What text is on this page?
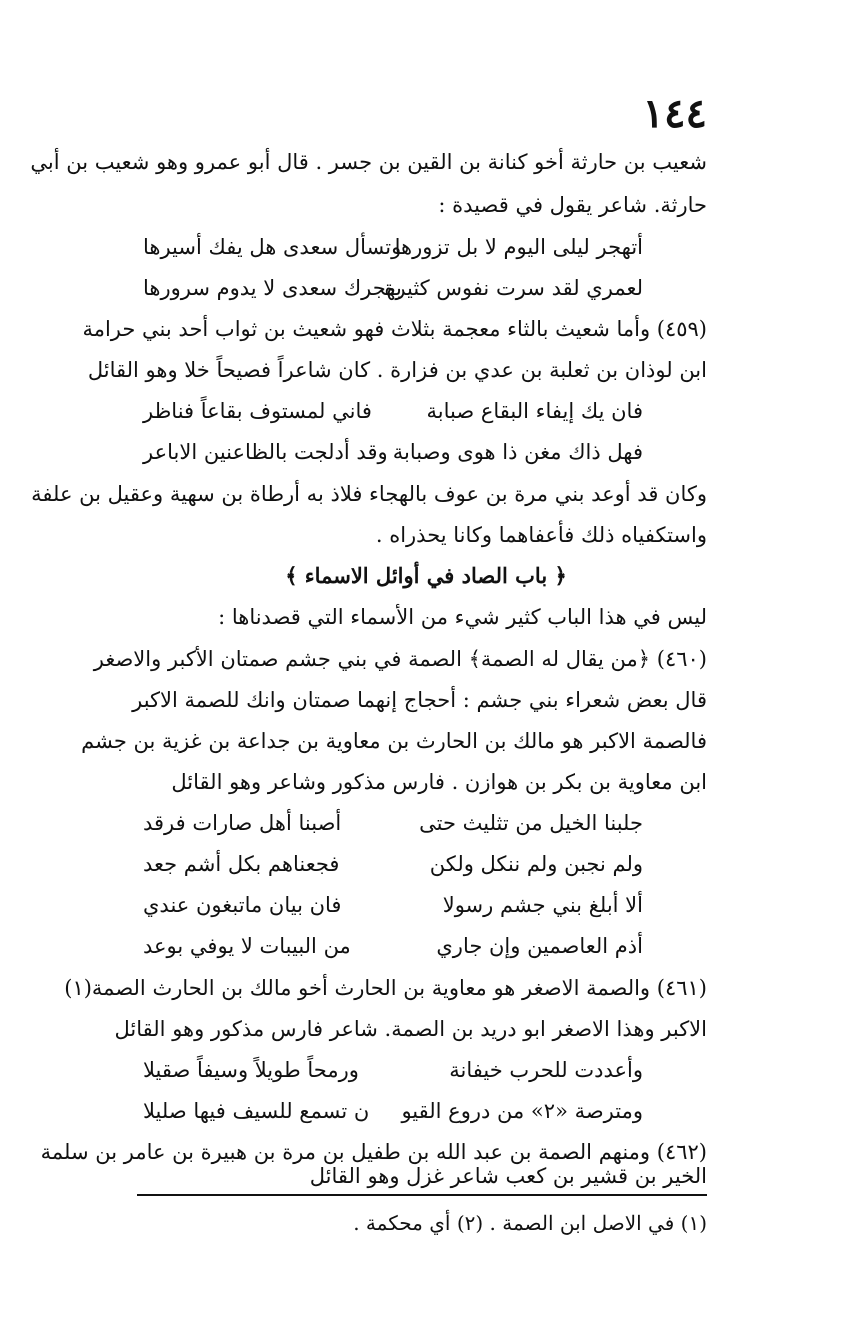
١٤٤
شعيب بن حارثة أخو كنانة بن القين بن جسر . قال أبو عمرو وهو شعيب بن أبي
حارثة. شاعر يقول في قصيدة :
أتهجر ليلى اليوم لا بل تزورها
وتسأل سعدى هل يفك أسيرها
لعمري لقد سرت نفوس كثيرة
بهجرك سعدى لا يدوم سرورها
(٤٥٩) وأما شعيث بالثاء معجمة بثلاث فهو شعيث بن ثواب أحد بني حرامة
ابن لوذان بن ثعلبة بن عدي بن فزارة . كان شاعراً فصيحاً خلا وهو القائل
فان يك إيفاء البقاع صبابة
فاني لمستوف بقاعاً فناظر
فهل ذاك مغن ذا هوى وصبابة
وقد أدلجت بالظاعنين الاباعر
وكان قد أوعد بني مرة بن عوف بالهجاء فلاذ به أرطاة بن سهية وعقيل بن علفة
واستكفياه ذلك فأعفاهما وكانا يحذراه .
﴿ باب الصاد في أوائل الاسماء ﴾
ليس في هذا الباب كثير شيء من الأسماء التي قصدناها :
(٤٦٠) ﴿من يقال له الصمة﴾ الصمة في بني جشم صمتان الأكبر والاصغر
قال بعض شعراء بني جشم : أحجاج إنهما صمتان وانك للصمة الاكبر
فالصمة الاكبر هو مالك بن الحارث بن معاوية بن جداعة بن غزية بن جشم
ابن معاوية بن بكر بن هوازن . فارس مذكور وشاعر وهو القائل
جلبنا الخيل من تثليث حتى
أصبنا أهل صارات فرقد
ولم نجبن ولم ننكل ولكن
فجعناهم بكل أشم جعد
ألا أبلغ بني جشم رسولا
فان بيان ماتبغون عندي
أذم العاصمين وإن جاري
من البيبات لا يوفي بوعد
(٤٦١) والصمة الاصغر هو معاوية بن الحارث أخو مالك بن الحارث الصمة(١)
الاكبر وهذا الاصغر ابو دريد بن الصمة. شاعر فارس مذكور وهو القائل
وأعددت للحرب خيفانة
ورمحاً طويلاً وسيفاً صقيلا
ومترصة «٢» من دروع القيو
ن تسمع للسيف فيها صليلا
(٤٦٢) ومنهم الصمة بن عبد الله بن طفيل بن مرة بن هبيرة بن عامر بن سلمة
الخير بن قشير بن كعب شاعر غزل وهو القائل
(١) في الاصل ابن الصمة . (٢) أي محكمة .
